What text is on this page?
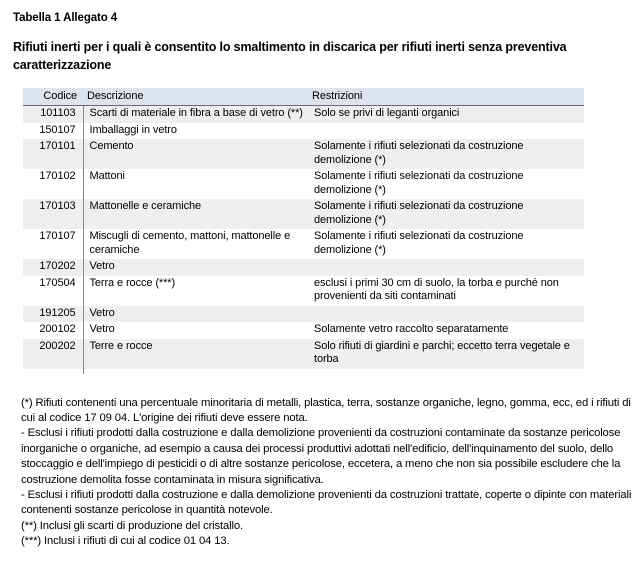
Tabella 1 Allegato 4
Rifiuti inerti per i quali è consentito lo smaltimento in discarica per rifiuti inerti senza preventiva caratterizzazione
Codice	Descrizione	Restrizioni
101103	Scarti di materiale in fibra a base di vetro (**)	Solo se privi di leganti organici
150107	Imballaggi in vetro	
170101	Cemento	Solamente i rifiuti selezionati da costruzione demolizione (*)
170102	Mattoni	Solamente i rifiuti selezionati da costruzione demolizione (*)
170103	Mattonelle e ceramiche	Solamente i rifiuti selezionati da costruzione demolizione (*)
170107	Miscugli di cemento, mattoni, mattonelle e ceramiche	Solamente i rifiuti selezionati da costruzione demolizione (*)
170202	Vetro	
170504	Terra e rocce (***)	esclusi i primi 30 cm di suolo, la torba e purché non provenienti da siti contaminati
191205	Vetro	
200102	Vetro	Solamente vetro raccolto separatamente
200202	Terre e rocce	Solo rifiuti di giardini e parchi; eccetto terra vegetale e torba

(*) Rifiuti contenenti una percentuale minoritaria di metalli, plastica, terra, sostanze organiche, legno, gomma, ecc, ed i rifiuti di cui al codice 17 09 04. L'origine dei rifiuti deve essere nota.

- Esclusi i rifiuti prodotti dalla costruzione e dalla demolizione provenienti da costruzioni contaminate da sostanze pericolose inorganiche o organiche, ad esempio a causa dei processi produttivi adottati nell'edificio, dell'inquinamento del suolo, dello stoccaggio e dell'impiego di pesticidi o di altre sostanze pericolose, eccetera, a meno che non sia possibile escludere che la costruzione demolita fosse contaminata in misura significativa.

- Esclusi i rifiuti prodotti dalla costruzione e dalla demolizione provenienti da costruzioni trattate, coperte o dipinte con materiali contenenti sostanze pericolose in quantità notevole.

(**) Inclusi gli scarti di produzione del cristallo.

(***) Inclusi i rifiuti di cui al codice 01 04 13.
